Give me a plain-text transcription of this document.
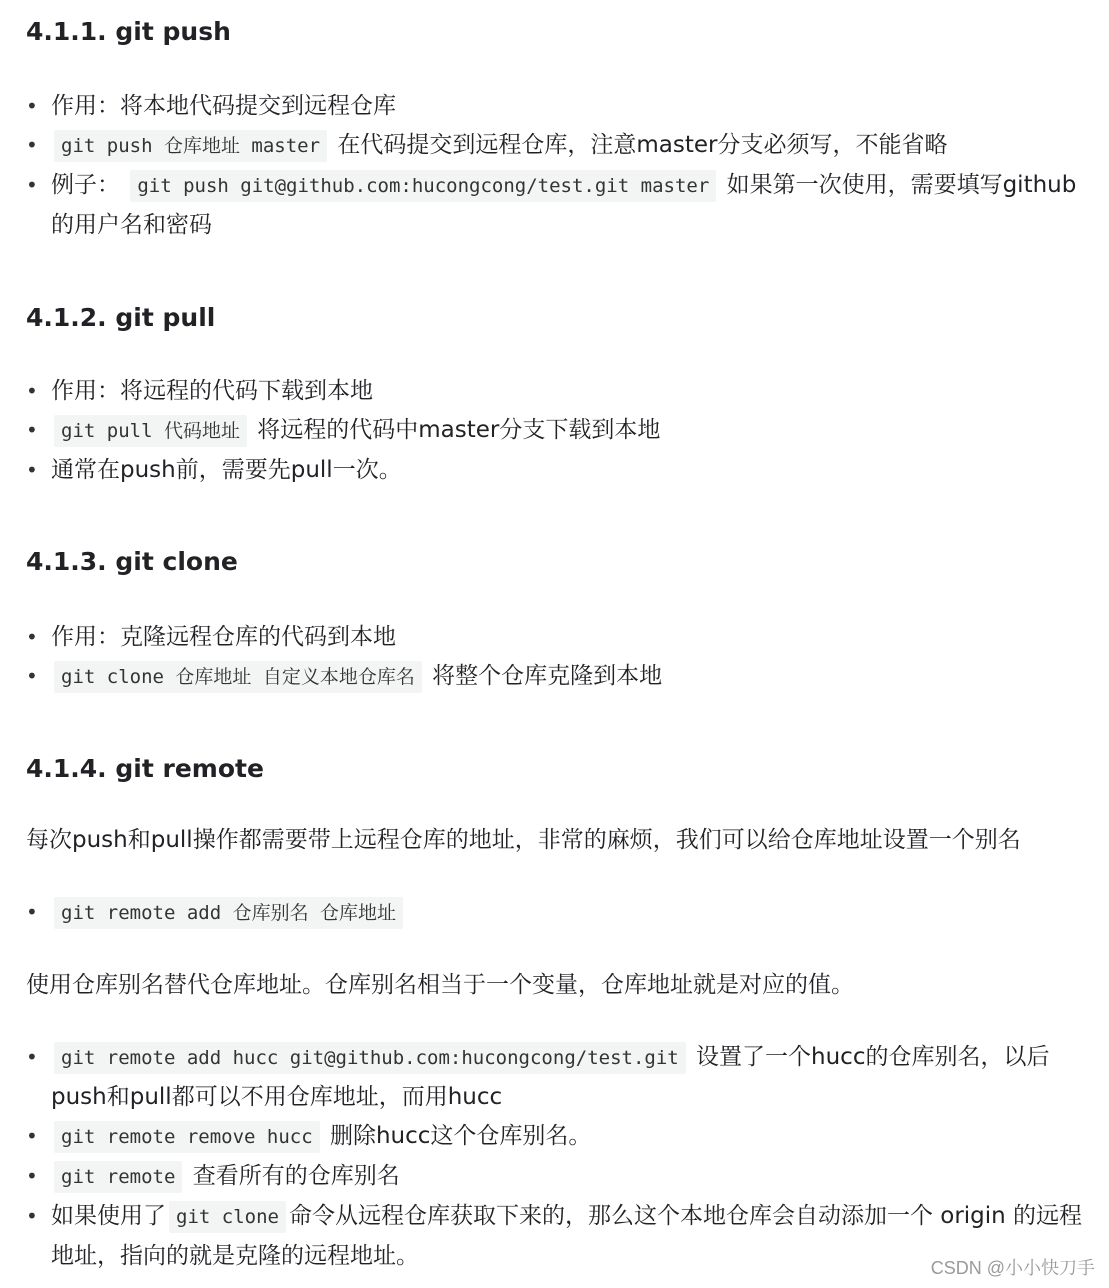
4.1.1. git push
• 作用：将本地代码提交到远程仓库
• git push 仓库地址 master 在代码提交到远程仓库，注意master分支必须写，不能省略
• 例子： git push git@github.com:hucongcong/test.git master 如果第一次使用，需要填写github的用户名和密码
4.1.2. git pull
• 作用：将远程的代码下载到本地
• git pull 代码地址 将远程的代码中master分支下载到本地
• 通常在push前，需要先pull一次。
4.1.3. git clone
• 作用：克隆远程仓库的代码到本地
• git clone 仓库地址 自定义本地仓库名 将整个仓库克隆到本地
4.1.4. git remote

每次push和pull操作都需要带上远程仓库的地址，非常的麻烦，我们可以给仓库地址设置一个别名

• git remote add 仓库别名 仓库地址

使用仓库别名替代仓库地址。仓库别名相当于一个变量，仓库地址就是对应的值。

• git remote add hucc git@github.com:hucongcong/test.git 设置了一个hucc的仓库别名，以后push和pull都可以不用仓库地址，而用hucc
• git remote remove hucc 删除hucc这个仓库别名。
• git remote 查看所有的仓库别名
• 如果使用了 git clone 命令从远程仓库获取下来的，那么这个本地仓库会自动添加一个 origin 的远程地址，指向的就是克隆的远程地址。	CSDN @小小快刀手
